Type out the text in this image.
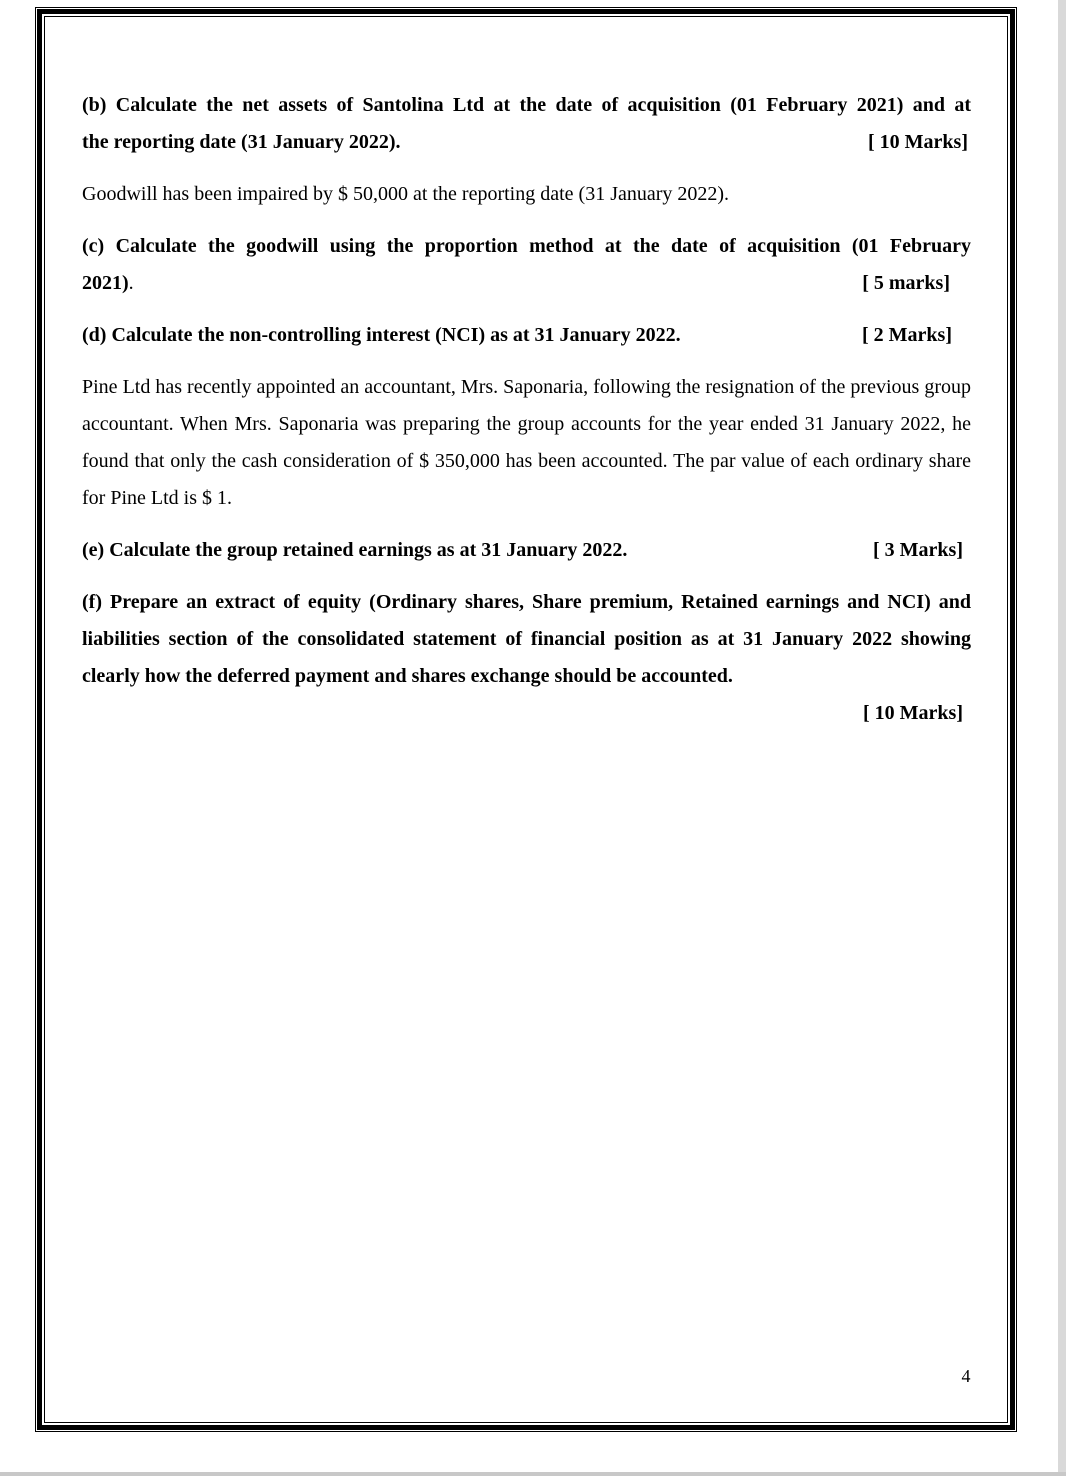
(b) Calculate the net assets of Santolina Ltd at the date of acquisition (01 February 2021) and at
the reporting date (31 January 2022).	[ 10 Marks]
Goodwill has been impaired by $ 50,000 at the reporting date (31 January 2022).
(c) Calculate the goodwill using the proportion method at the date of acquisition (01 February
2021).	[ 5 marks]
(d) Calculate the non-controlling interest (NCI) as at 31 January 2022.	[ 2 Marks]
Pine Ltd has recently appointed an accountant, Mrs. Saponaria, following the resignation of the previous group accountant. When Mrs. Saponaria was preparing the group accounts for the year ended 31 January 2022, he found that only the cash consideration of $ 350,000 has been accounted. The par value of each ordinary share for Pine Ltd is $ 1.
(e) Calculate the group retained earnings as at 31 January 2022.	[ 3 Marks]
(f) Prepare an extract of equity (Ordinary shares, Share premium, Retained earnings and NCI) and liabilities section of the consolidated statement of financial position as at 31 January 2022 showing clearly how the deferred payment and shares exchange should be accounted.
[ 10 Marks]
4
